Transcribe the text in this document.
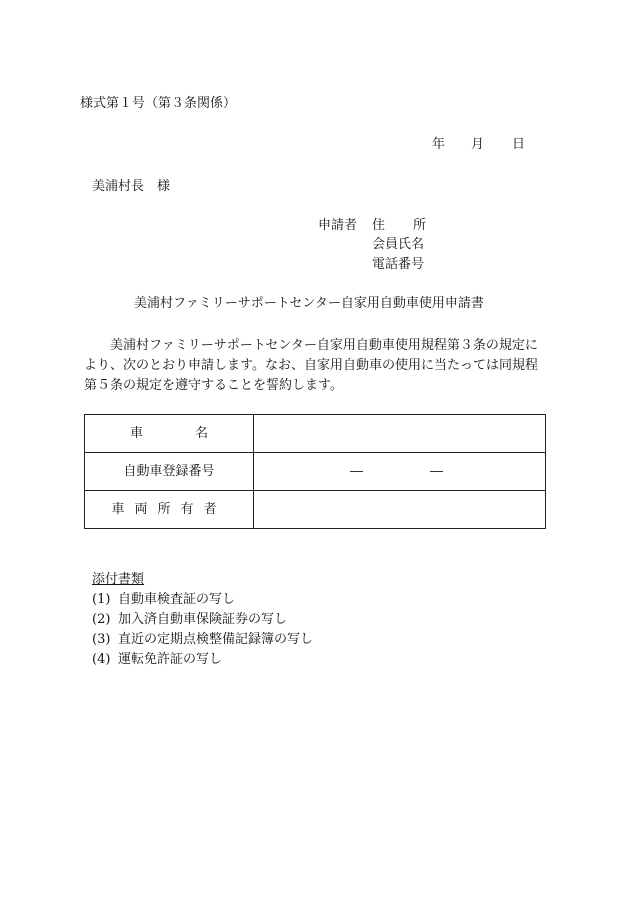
様式第１号（第３条関係）
年 月 日
美浦村長　様
申請者 住 所
会員氏名
電話番号
美浦村ファミリーサポートセンター自家用自動車使用申請書
美浦村ファミリーサポートセンター自家用自動車使用規程第３条の規定により、次のとおり申請します。なお、自家用自動車の使用に当たっては同規程第５条の規定を遵守することを誓約します。
車 名	
自動車登録番号	― ―

車両所有者	
添付書類
(1) 自動車検査証の写し
(2) 加入済自動車保険証券の写し
(3) 直近の定期点検整備記録簿の写し
(4) 運転免許証の写し
